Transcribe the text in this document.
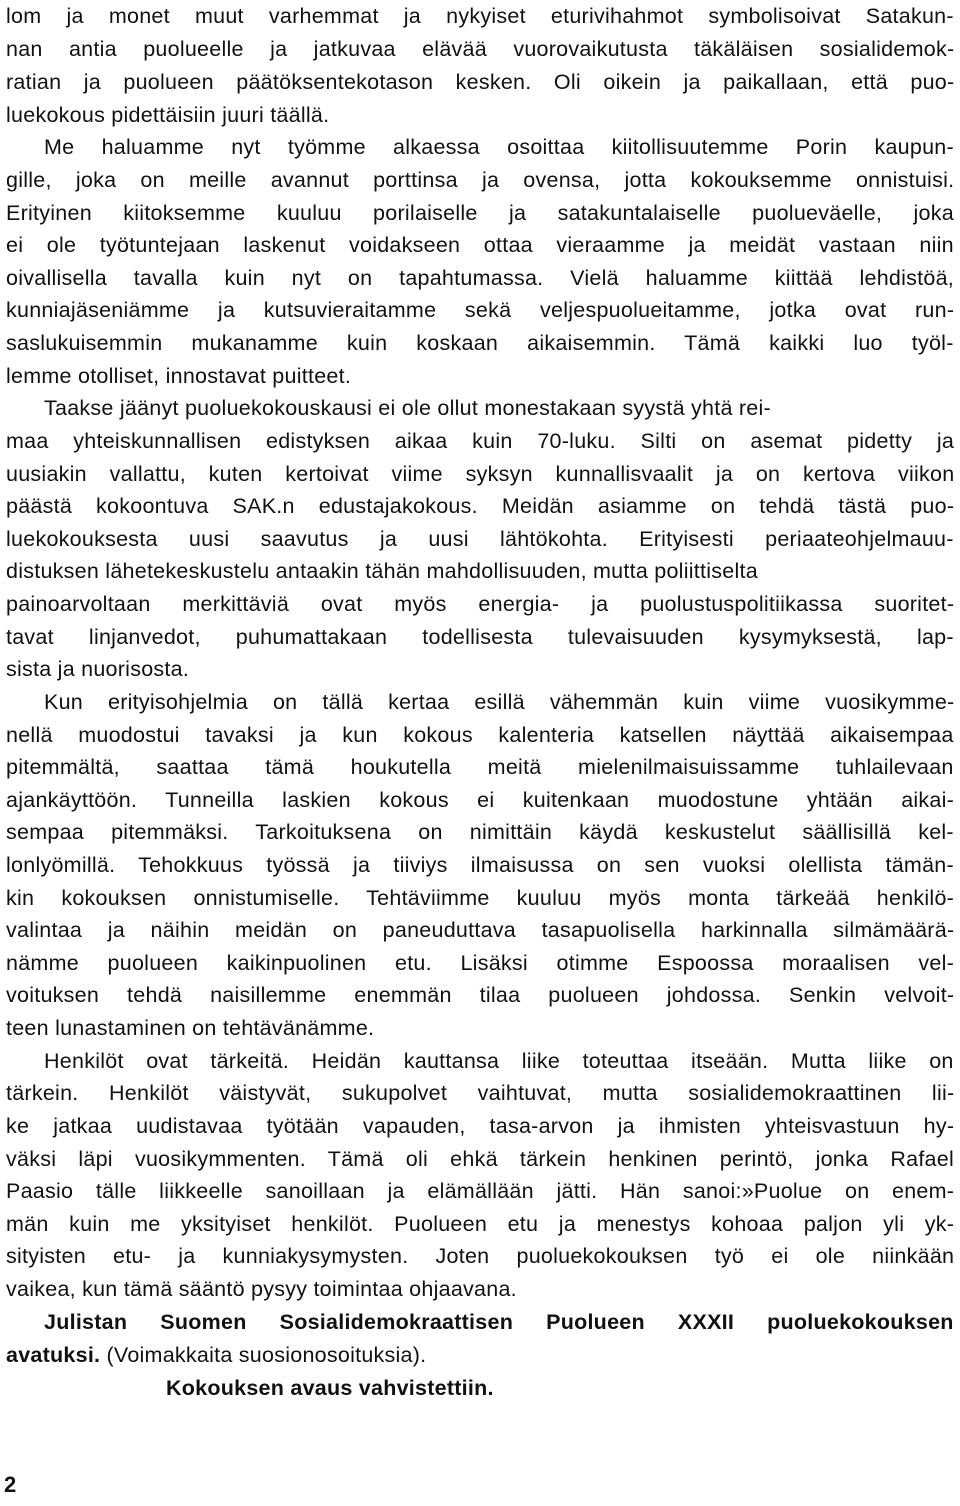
lom ja monet muut varhemmat ja nykyiset eturivihahmot symbolisoivat Satakun-
nan antia puolueelle ja jatkuvaa elävää vuorovaikutusta täkäläisen sosialidemok-
ratian ja puolueen päätöksentekotason kesken. Oli oikein ja paikallaan, että puo-
luekokous pidettäisiin juuri täällä.
Me haluamme nyt työmme alkaessa osoittaa kiitollisuutemme Porin kaupun-
gille, joka on meille avannut porttinsa ja ovensa, jotta kokouksemme onnistuisi.
Erityinen kiitoksemme kuuluu porilaiselle ja satakuntalaiselle puolueväelle, joka
ei ole työtuntejaan laskenut voidakseen ottaa vieraamme ja meidät vastaan niin
oivallisella tavalla kuin nyt on tapahtumassa. Vielä haluamme kiittää lehdistöä,
kunniajäseniämme ja kutsuvieraitamme sekä veljespuolueitamme, jotka ovat run-
saslukuisemmin mukanamme kuin koskaan aikaisemmin. Tämä kaikki luo työl-
lemme otolliset, innostavat puitteet.
Taakse jäänyt puoluekokouskausi ei ole ollut monestakaan syystä yhtä rei-
maa yhteiskunnallisen edistyksen aikaa kuin 70-luku. Silti on asemat pidetty ja
uusiakin vallattu, kuten kertoivat viime syksyn kunnallisvaalit ja on kertova viikon
päästä kokoontuva SAK.n edustajakokous. Meidän asiamme on tehdä tästä puo-
luekokouksesta uusi saavutus ja uusi lähtökohta. Erityisesti periaateohjelmauu-
distuksen lähetekeskustelu antaakin tähän mahdollisuuden, mutta poliittiselta
painoarvoltaan merkittäviä ovat myös energia- ja puolustuspolitiikassa suoritet-
tavat linjanvedot, puhumattakaan todellisesta tulevaisuuden kysymyksestä, lap-
sista ja nuorisosta.
Kun erityisohjelmia on tällä kertaa esillä vähemmän kuin viime vuosikymme-
nellä muodostui tavaksi ja kun kokous kalenteria katsellen näyttää aikaisempaa
pitemmältä, saattaa tämä houkutella meitä mielenilmaisuissamme tuhlailevaan
ajankäyttöön. Tunneilla laskien kokous ei kuitenkaan muodostune yhtään aikai-
sempaa pitemmäksi. Tarkoituksena on nimittäin käydä keskustelut säällisillä kel-
lonlyömillä. Tehokkuus työssä ja tiiviys ilmaisussa on sen vuoksi olellista tämän-
kin kokouksen onnistumiselle. Tehtäviimme kuuluu myös monta tärkeää henkilö-
valintaa ja näihin meidän on paneuduttava tasapuolisella harkinnalla silmämäärä-
nämme puolueen kaikinpuolinen etu. Lisäksi otimme Espoossa moraalisen vel-
voituksen tehdä naisillemme enemmän tilaa puolueen johdossa. Senkin velvoit-
teen lunastaminen on tehtävänämme.
Henkilöt ovat tärkeitä. Heidän kauttansa liike toteuttaa itseään. Mutta liike on
tärkein. Henkilöt väistyvät, sukupolvet vaihtuvat, mutta sosialidemokraattinen lii-
ke jatkaa uudistavaa työtään vapauden, tasa-arvon ja ihmisten yhteisvastuun hy-
väksi läpi vuosikymmenten. Tämä oli ehkä tärkein henkinen perintö, jonka Rafael
Paasio tälle liikkeelle sanoillaan ja elämällään jätti. Hän sanoi:»Puolue on enem-
män kuin me yksityiset henkilöt. Puolueen etu ja menestys kohoaa paljon yli yk-
sityisten etu- ja kunniakysymysten. Joten puoluekokouksen työ ei ole niinkään
vaikea, kun tämä sääntö pysyy toimintaa ohjaavana.
Julistan Suomen Sosialidemokraattisen Puolueen XXXII puoluekokouksen
avatuksi. (Voimakkaita suosionosoituksia).
Kokouksen avaus vahvistettiin.
2
